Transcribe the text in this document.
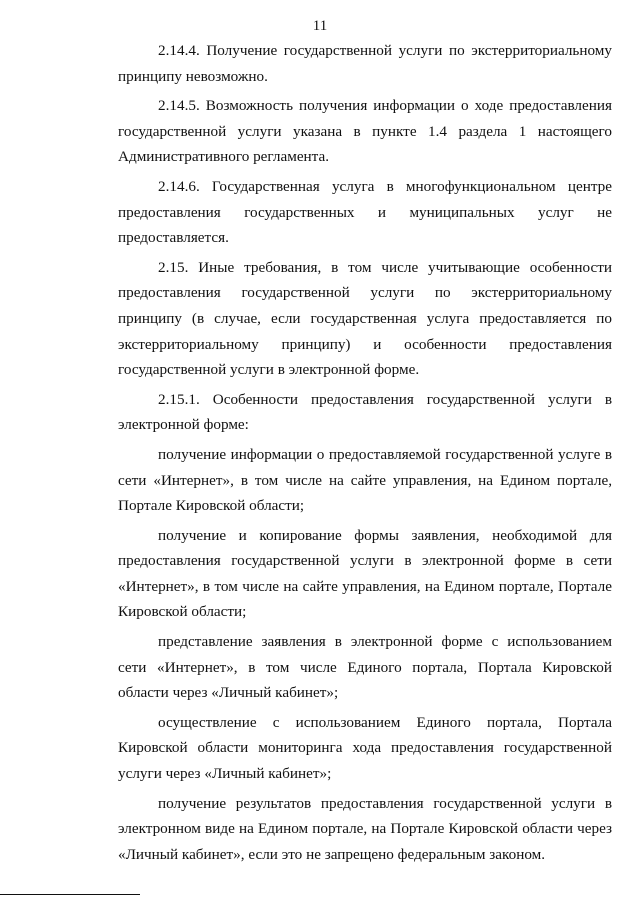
11

2.14.4. Получение государственной услуги по экстерриториальному принципу невозможно.

2.14.5. Возможность получения информации о ходе предоставления государственной услуги указана в пункте 1.4 раздела 1 настоящего Административного регламента.

2.14.6. Государственная услуга в многофункциональном центре предоставления государственных и муниципальных услуг не предоставляется.

2.15. Иные требования, в том числе учитывающие особенности предоставления государственной услуги по экстерриториальному принципу (в случае, если государственная услуга предоставляется по экстерриториальному принципу) и особенности предоставления государственной услуги в электронной форме.

2.15.1. Особенности предоставления государственной услуги в электронной форме:

получение информации о предоставляемой государственной услуге в сети «Интернет», в том числе на сайте управления, на Едином портале, Портале Кировской области;

получение и копирование формы заявления, необходимой для предоставления государственной услуги в электронной форме в сети «Интернет», в том числе на сайте управления, на Едином портале, Портале Кировской области;

представление заявления в электронной форме с использованием сети «Интернет», в том числе Единого портала, Портала Кировской области через «Личный кабинет»;

осуществление с использованием Единого портала, Портала Кировской области мониторинга хода предоставления государственной услуги через «Личный кабинет»;

получение результатов предоставления государственной услуги в электронном виде на Едином портале, на Портале Кировской области через «Личный кабинет», если это не запрещено федеральным законом.
